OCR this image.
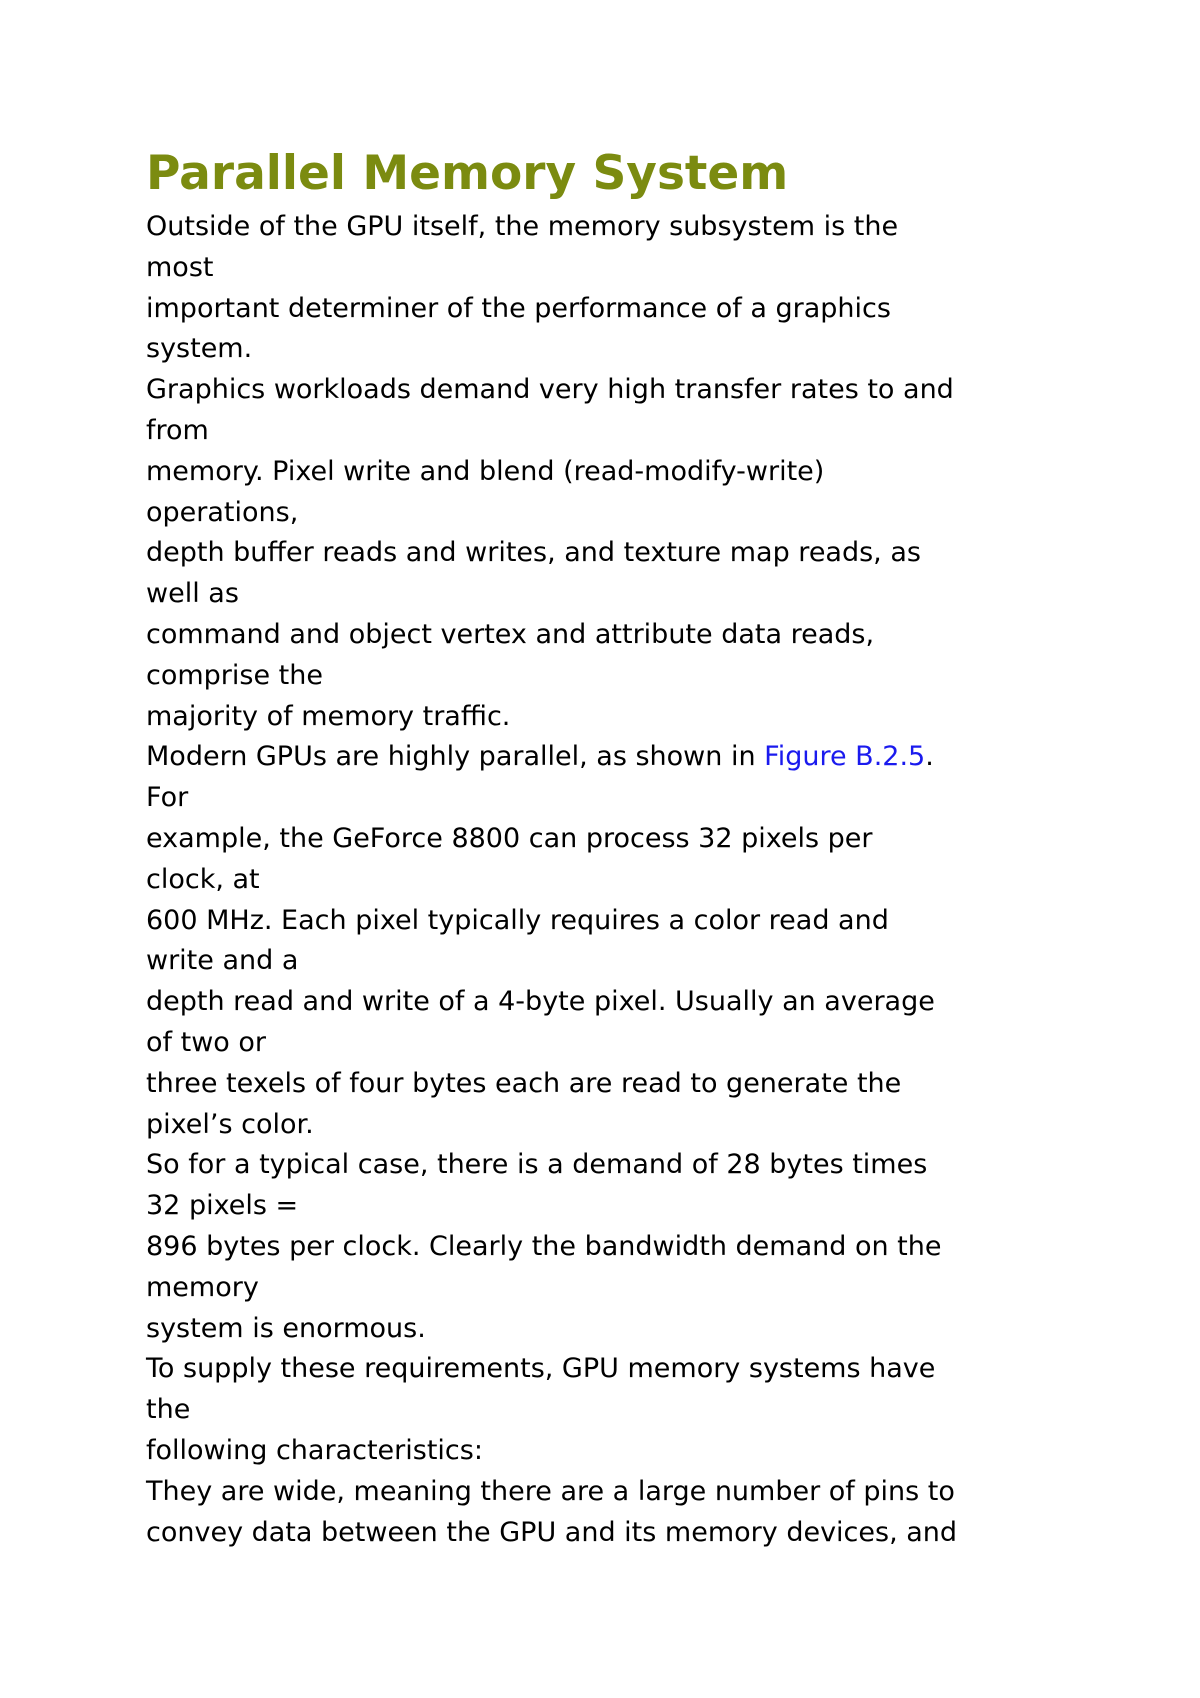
Parallel Memory System
Outside of the GPU itself, the memory subsystem is the
most
important determiner of the performance of a graphics
system.
Graphics workloads demand very high transfer rates to and
from
memory. Pixel write and blend (read-modify-write)
operations,
depth buffer reads and writes, and texture map reads, as
well as
command and object vertex and attribute data reads,
comprise the
majority of memory traffic.
Modern GPUs are highly parallel, as shown in Figure B.2.5.
For
example, the GeForce 8800 can process 32 pixels per
clock, at
600 MHz. Each pixel typically requires a color read and
write and a
depth read and write of a 4-byte pixel. Usually an average
of two or
three texels of four bytes each are read to generate the
pixel’s color.
So for a typical case, there is a demand of 28 bytes times
32 pixels =
896 bytes per clock. Clearly the bandwidth demand on the
memory
system is enormous.
To supply these requirements, GPU memory systems have
the
following characteristics:
They are wide, meaning there are a large number of pins to
convey data between the GPU and its memory devices, and
